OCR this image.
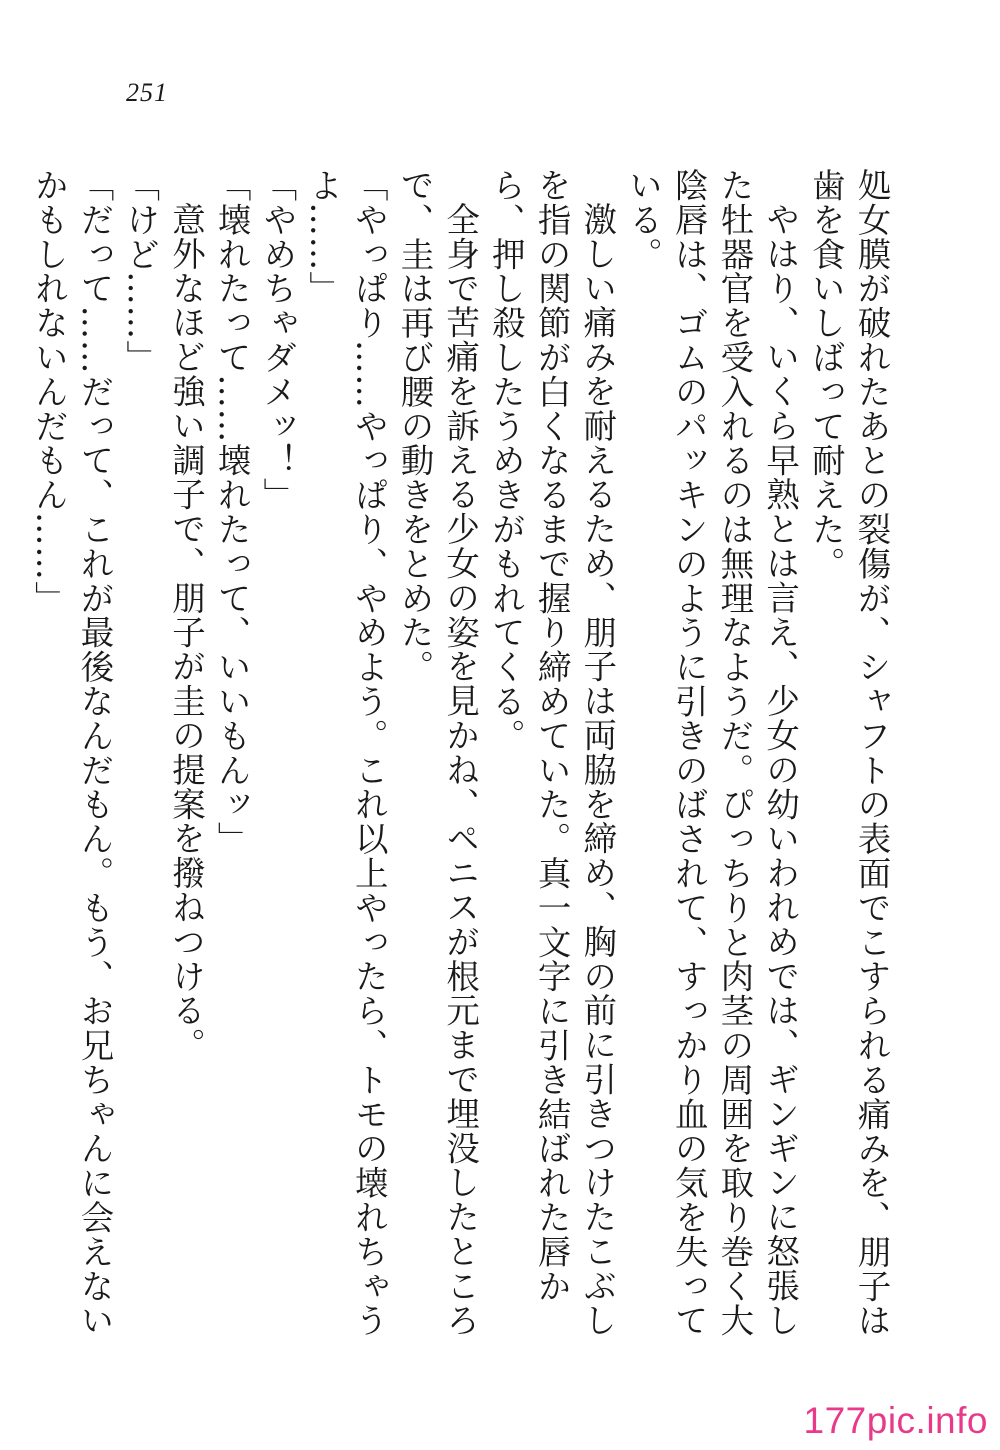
251

処女膜が破れたあとの裂傷が、シャフトの表面でこすられる痛みを、朋子は歯を食いしばって耐えた。

やはり、いくら早熟とは言え、少女の幼いわれめでは、ギンギンに怒張した牡器官を受入れるのは無理なようだ。ぴっちりと肉茎の周囲を取り巻く大陰唇は、ゴムのパッキンのように引きのばされて、すっかり血の気を失っている。

激しい痛みを耐えるため、朋子は両脇を締め、胸の前に引きつけたこぶしを指の関節が白くなるまで握り締めていた。真一文字に引き結ばれた唇から、押し殺したうめきがもれてくる。

全身で苦痛を訴える少女の姿を見かね、ペニスが根元まで埋没したところで、圭は再び腰の動きをとめた。

「やっぱり……やっぱり、やめよう。これ以上やったら、トモの壊れちゃうよ……」

「やめちゃダメッ！」

「壊れたって……壊れたって、いいもんッ」

意外なほど強い調子で、朋子が圭の提案を撥ねつける。

「けど……」

「だって……だって、これが最後なんだもん。もう、お兄ちゃんに会えないかもしれないんだもん……」

177pic.info
